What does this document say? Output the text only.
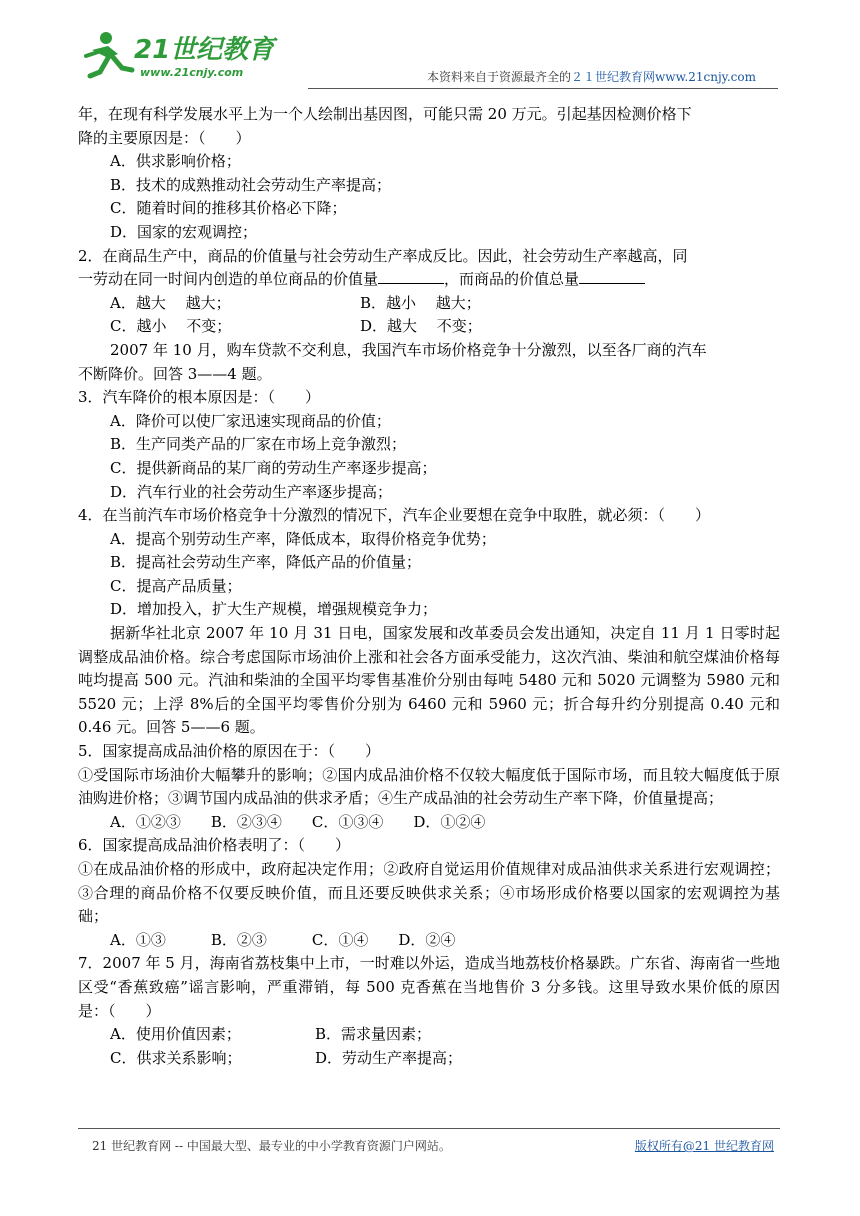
21世纪教育
www.21cnjy.com	本资料来自于资源最齐全的２１世纪教育网www.21cnjy.com

年，在现有科学发展水平上为一个人绘制出基因图，可能只需 20 万元。引起基因检测价格下

降的主要原因是：（　　）

A．供求影响价格；

B．技术的成熟推动社会劳动生产率提高；

C．随着时间的推移其价格必下降；

D．国家的宏观调控；

2．在商品生产中，商品的价值量与社会劳动生产率成反比。因此，社会劳动生产率越高，同

一劳动在同一时间内创造的单位商品的价值量	，而商品的价值总量

A．越大　 越大；	B．越小　 越大；
C．越小　 不变；	D．越大　 不变；

2007 年 10 月，购车贷款不交利息，我国汽车市场价格竞争十分激烈，以至各厂商的汽车

不断降价。回答 3——4 题。

3．汽车降价的根本原因是：（　　）

A．降价可以使厂家迅速实现商品的价值；

B．生产同类产品的厂家在市场上竞争激烈；

C．提供新商品的某厂商的劳动生产率逐步提高；

D．汽车行业的社会劳动生产率逐步提高；

4．在当前汽车市场价格竞争十分激烈的情况下，汽车企业要想在竞争中取胜，就必须：（　　）

A．提高个别劳动生产率，降低成本，取得价格竞争优势；

B．提高社会劳动生产率，降低产品的价值量；

C．提高产品质量；

D．增加投入，扩大生产规模，增强规模竞争力；

据新华社北京 2007 年 10 月 31 日电，国家发展和改革委员会发出通知，决定自 11 月 1 日零时起调整成品油价格。综合考虑国际市场油价上涨和社会各方面承受能力，这次汽油、柴油和航空煤油价格每吨均提高 500 元。汽油和柴油的全国平均零售基准价分别由每吨 5480 元和 5020 元调整为 5980 元和 5520 元；上浮 8%后的全国平均零售价分别为 6460 元和 5960 元；折合每升约分别提高 0.40 元和 0.46 元。回答 5——6 题。

5．国家提高成品油价格的原因在于：（　　）

①受国际市场油价大幅攀升的影响；②国内成品油价格不仅较大幅度低于国际市场，而且较大幅度低于原油购进价格；③调节国内成品油的供求矛盾；④生产成品油的社会劳动生产率下降，价值量提高；

A．①②③　　B．②③④　　C．①③④　　D．①②④

6．国家提高成品油价格表明了：（　　）

①在成品油价格的形成中，政府起决定作用；②政府自觉运用价值规律对成品油供求关系进行宏观调控；③合理的商品价格不仅要反映价值，而且还要反映供求关系；④市场形成价格要以国家的宏观调控为基础；

A．①③　　　B．②③　　　C．①④　　D．②④

7．2007 年 5 月，海南省荔枝集中上市，一时难以外运，造成当地荔枝价格暴跌。广东省、海南省一些地区受“香蕉致癌”谣言影响，严重滞销，每 500 克香蕉在当地售价 3 分多钱。这里导致水果价低的原因是：（　　）

A．使用价值因素；	B．需求量因素；
C．供求关系影响；	D．劳动生产率提高；
21 世纪教育网 -- 中国最大型、最专业的中小学教育资源门户网站。	版权所有@21 世纪教育网
